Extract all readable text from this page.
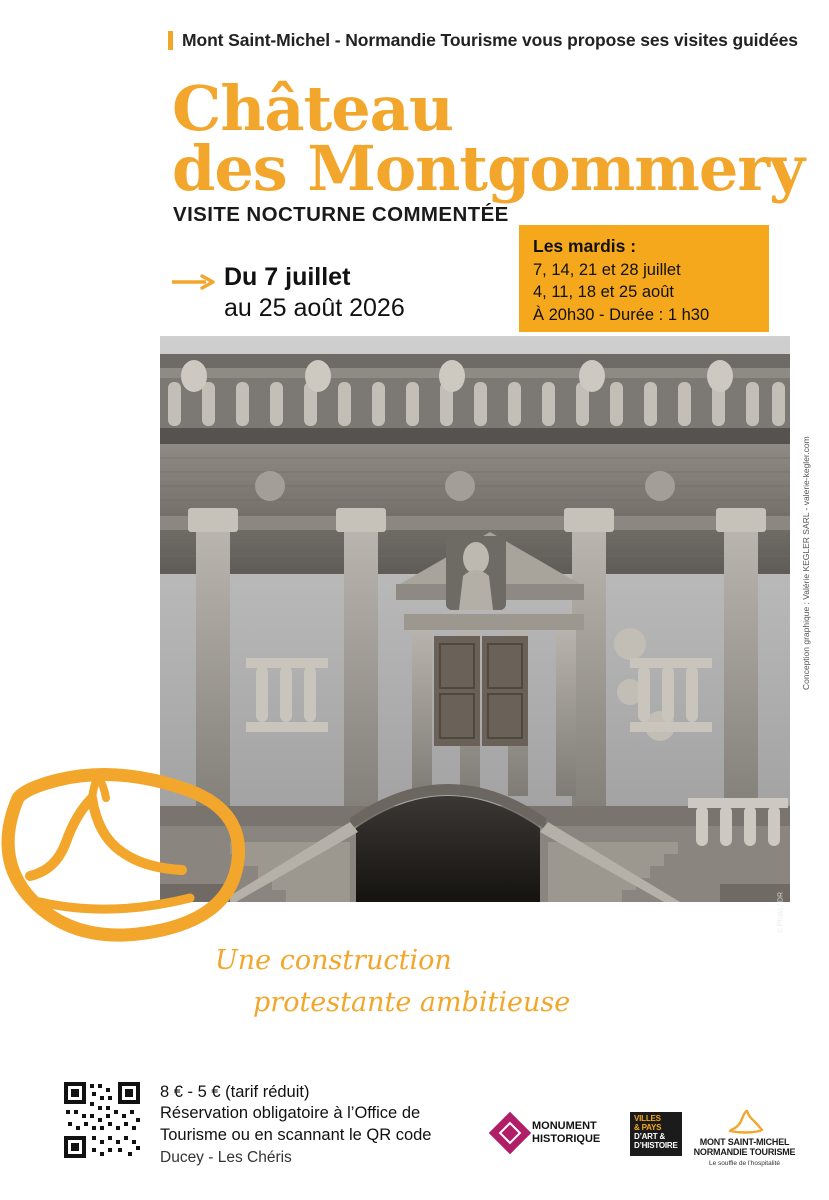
Mont Saint-Michel - Normandie Tourisme vous propose ses visites guidées
Château
des Montgommery
VISITE NOCTURNE COMMENTÉE
Du 7 juillet
au 25 août 2026
Les mardis :
7, 14, 21 et 28 juillet
4, 11, 18 et 25 août
À 20h30 - Durée : 1 h30
© Photo / DR
Conception graphique : Valérie KEGLER SARL - valerie-kegler.com
Une construction
protestante ambitieuse
8 € - 5 € (tarif réduit)
Réservation obligatoire à l’Office de
Tourisme ou en scannant le QR code
Ducey - Les Chéris
MONUMENT
HISTORIQUE
VILLES
& PAYS
D’ART &
D’HISTOIRE	MONT SAINT-MICHEL
NORMANDIE TOURISME
Le souffle de l’hospitalité
